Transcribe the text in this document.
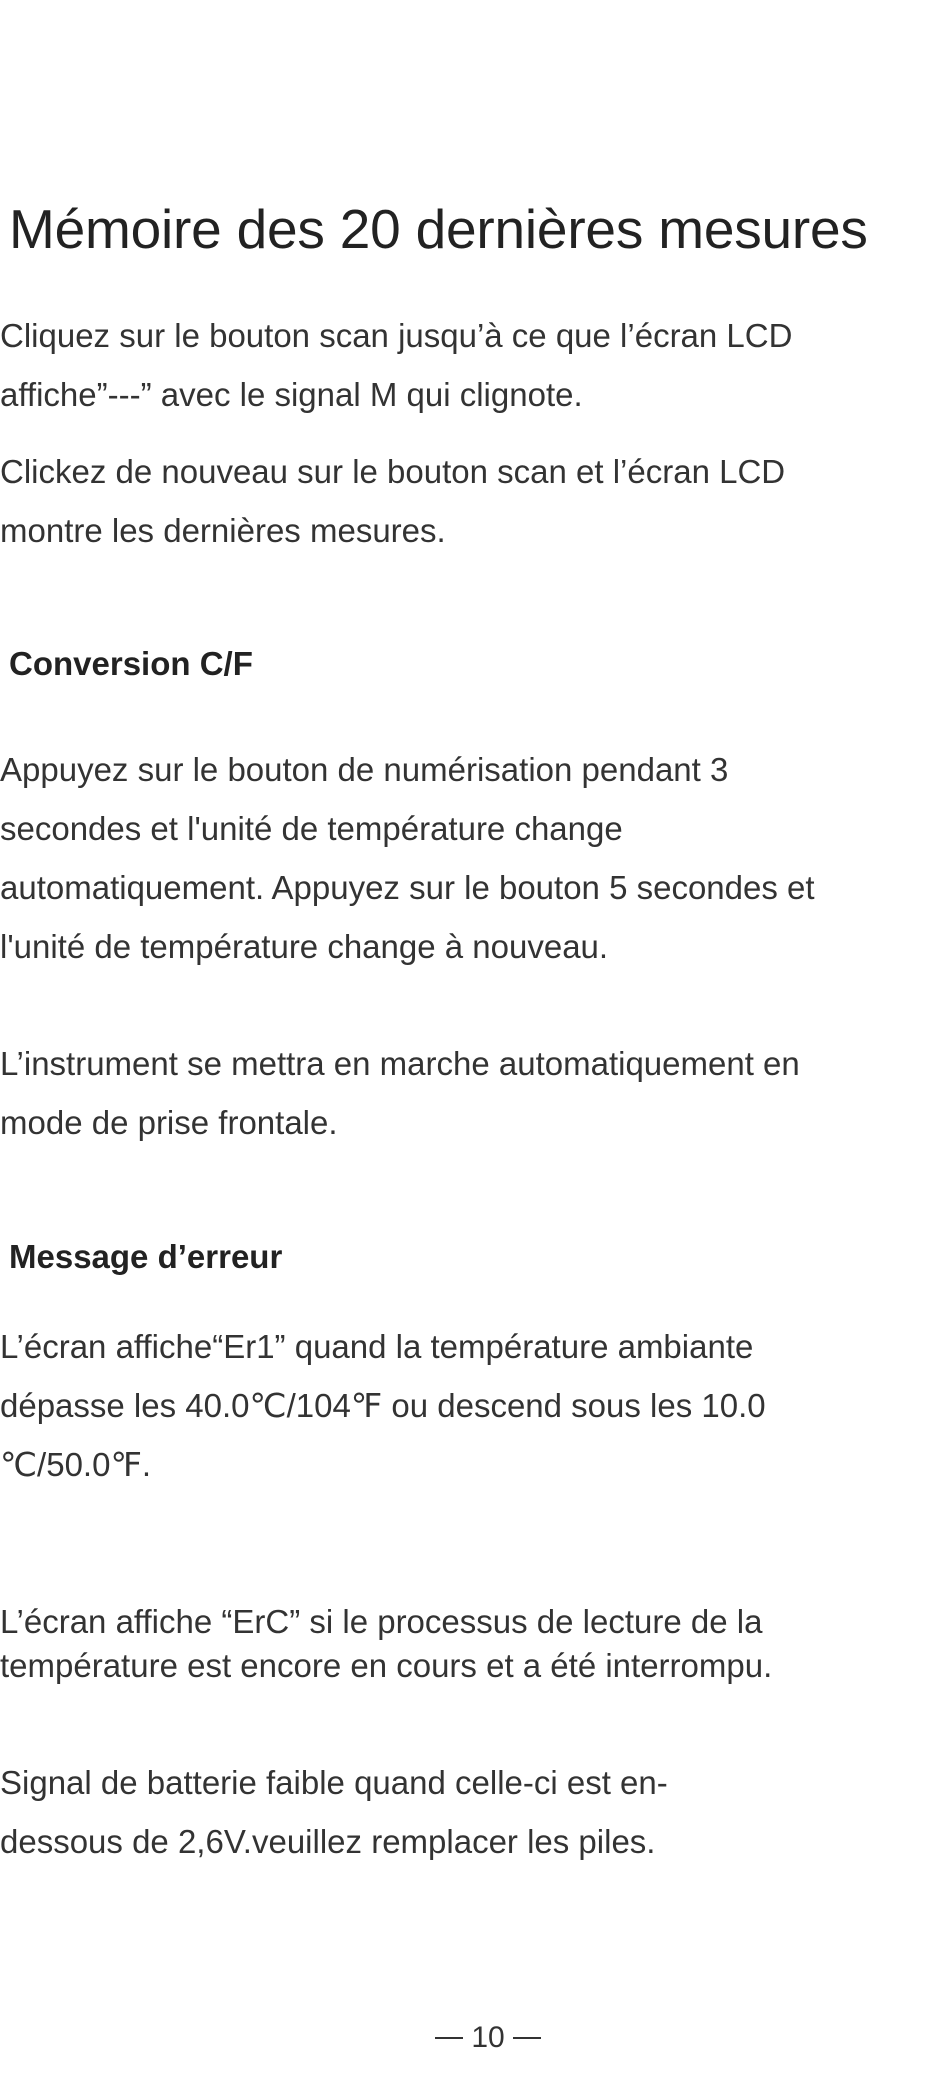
Mémoire des 20 dernières mesures

Cliquez sur le bouton scan jusqu’à ce que l’écran LCD
affiche”---” avec le signal M qui clignote.

Clickez de nouveau sur le bouton scan et l’écran LCD
montre les dernières mesures.

Conversion C/F

Appuyez sur le bouton de numérisation pendant 3
secondes et l'unité de température change
automatiquement. Appuyez sur le bouton 5 secondes et
l'unité de température change à nouveau.

L’instrument se mettra en marche automatiquement en
mode de prise frontale.

Message d’erreur

L’écran affiche“Er1” quand la température ambiante
dépasse les 40.0℃/104℉ ou descend sous les 10.0
℃/50.0℉.

L’écran affiche “ErC” si le processus de lecture de la
température est encore en cours et a été interrompu.

Signal de batterie faible quand celle-ci est en-
dessous de 2,6V.veuillez remplacer les piles.

10
